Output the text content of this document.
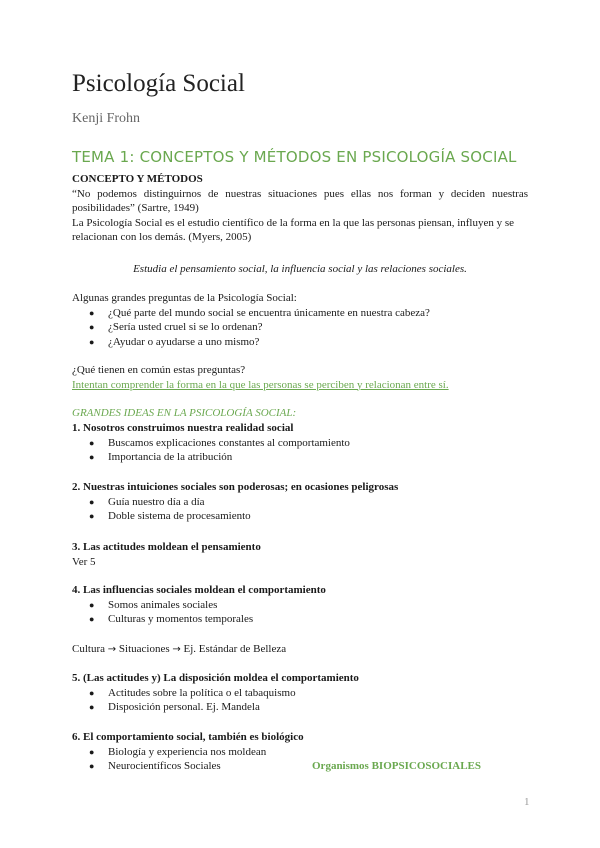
Psicología Social
Kenji Frohn
TEMA 1: CONCEPTOS Y MÉTODOS EN PSICOLOGÍA SOCIAL
CONCEPTO Y MÉTODOS
“No podemos distinguirnos de nuestras situaciones pues ellas nos forman y deciden nuestras posibilidades” (Sartre, 1949)
La Psicología Social es el estudio científico de la forma en la que las personas piensan, influyen y se relacionan con los demás. (Myers, 2005)
Estudia el pensamiento social, la influencia social y las relaciones sociales.
Algunas grandes preguntas de la Psicología Social:
● ¿Qué parte del mundo social se encuentra únicamente en nuestra cabeza?
● ¿Sería usted cruel si se lo ordenan?
● ¿Ayudar o ayudarse a uno mismo?
¿Qué tienen en común estas preguntas?
Intentan comprender la forma en la que las personas se perciben y relacionan entre sí.
GRANDES IDEAS EN LA PSICOLOGÍA SOCIAL:
1. Nosotros construimos nuestra realidad social
● Buscamos explicaciones constantes al comportamiento
● Importancia de la atribución
2. Nuestras intuiciones sociales son poderosas; en ocasiones peligrosas
● Guía nuestro día a día
● Doble sistema de procesamiento
3. Las actitudes moldean el pensamiento
Ver 5
4. Las influencias sociales moldean el comportamiento
● Somos animales sociales
● Culturas y momentos temporales
Cultura → Situaciones → Ej. Estándar de Belleza
5. (Las actitudes y) La disposición moldea el comportamiento
● Actitudes sobre la política o el tabaquismo
● Disposición personal. Ej. Mandela
6. El comportamiento social, también es biológico
● Biología y experiencia nos moldean
● Neurocientíficos Sociales	Organismos BIOPSICOSOCIALES
1
